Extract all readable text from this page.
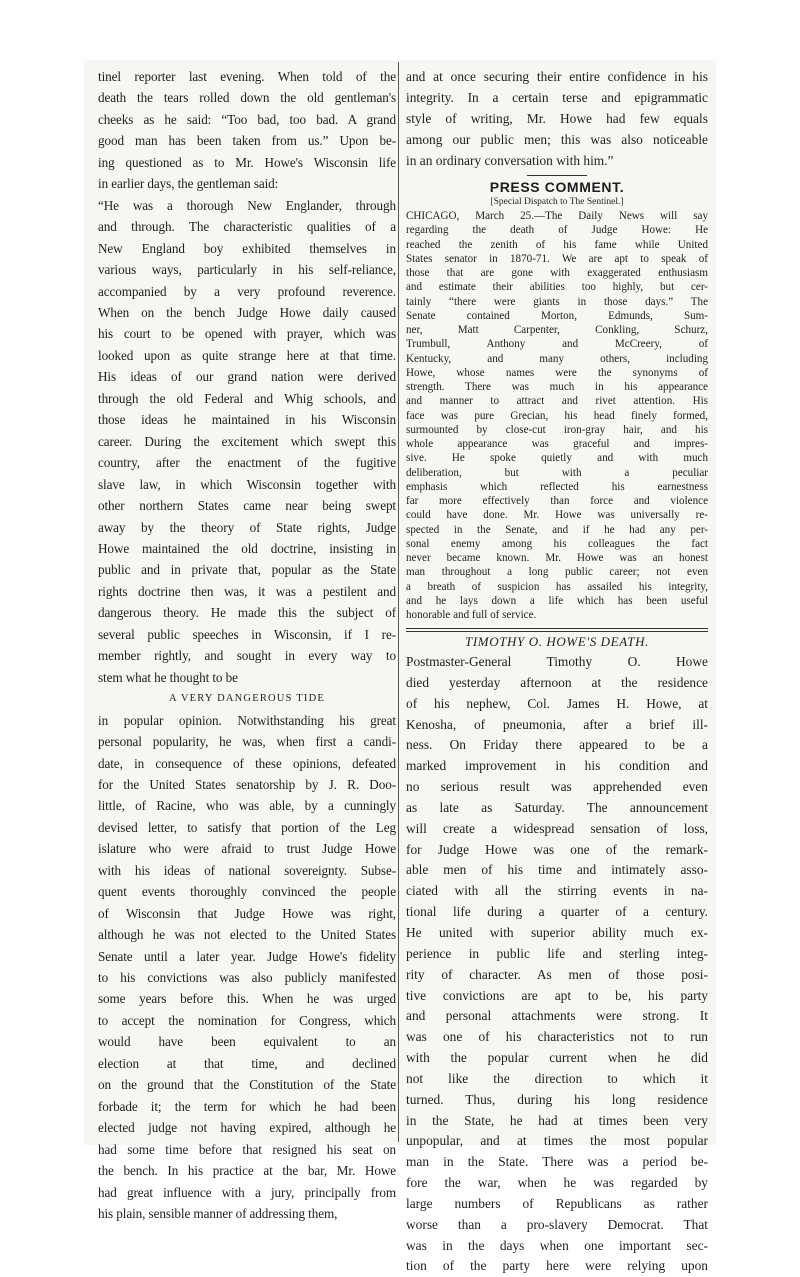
tinel reporter last evening. When told of the
death the tears rolled down the old gentleman's
cheeks as he said: “Too bad, too bad. A grand
good man has been taken from us.” Upon be-
ing questioned as to Mr. Howe's Wisconsin life
in earlier days, the gentleman said:
“He was a thorough New Englander, through
and through. The characteristic qualities of a
New England boy exhibited themselves in
various ways, particularly in his self-reliance,
accompanied by a very profound reverence.
When on the bench Judge Howe daily caused
his court to be opened with prayer, which was
looked upon as quite strange here at that time.
His ideas of our grand nation were derived
through the old Federal and Whig schools, and
those ideas he maintained in his Wisconsin
career. During the excitement which swept this
country, after the enactment of the fugitive
slave law, in which Wisconsin together with
other northern States came near being swept
away by the theory of State rights, Judge
Howe maintained the old doctrine, insisting in
public and in private that, popular as the State
rights doctrine then was, it was a pestilent and
dangerous theory. He made this the subject of
several public speeches in Wisconsin, if I re-
member rightly, and sought in every way to
stem what he thought to be
A VERY DANGEROUS TIDE
in popular opinion. Notwithstanding his great
personal popularity, he was, when first a candi-
date, in consequence of these opinions, defeated
for the United States senatorship by J. R. Doo-
little, of Racine, who was able, by a cunningly
devised letter, to satisfy that portion of the Leg
islature who were afraid to trust Judge Howe
with his ideas of national sovereignty. Subse-
quent events thoroughly convinced the people
of Wisconsin that Judge Howe was right,
although he was not elected to the United States
Senate until a later year. Judge Howe's fidelity
to his convictions was also publicly manifested
some years before this. When he was urged
to accept the nomination for Congress, which
would have been equivalent to an
election at that time, and declined
on the ground that the Constitution of the State
forbade it; the term for which he had been
elected judge not having expired, although he
had some time before that resigned his seat on
the bench. In his practice at the bar, Mr. Howe
had great influence with a jury, principally from
his plain, sensible manner of addressing them,
and at once securing their entire confidence in his
integrity. In a certain terse and epigrammatic
style of writing, Mr. Howe had few equals
among our public men; this was also noticeable
in an ordinary conversation with him.”
PRESS COMMENT.
[Special Dispatch to The Sentinel.]
CHICAGO, March 25.—The Daily News will say
regarding the death of Judge Howe: He
reached the zenith of his fame while United
States senator in 1870-71. We are apt to speak of
those that are gone with exaggerated enthusiasm
and estimate their abilities too highly, but cer-
tainly “there were giants in those days.” The
Senate contained Morton, Edmunds, Sum-
ner, Matt Carpenter, Conkling, Schurz,
Trumbull, Anthony and McCreery, of
Kentucky, and many others, including
Howe, whose names were the synonyms of
strength. There was much in his appearance
and manner to attract and rivet attention. His
face was pure Grecian, his head finely formed,
surmounted by close-cut iron-gray hair, and his
whole appearance was graceful and impres-
sive. He spoke quietly and with much
deliberation, but with a peculiar
emphasis which reflected his earnestness
far more effectively than force and violence
could have done. Mr. Howe was universally re-
spected in the Senate, and if he had any per-
sonal enemy among his colleagues the fact
never became known. Mr. Howe was an honest
man throughout a long public career; not even
a breath of suspicion has assailed his integrity,
and he lays down a life which has been useful
honorable and full of service.
TIMOTHY O. HOWE'S DEATH.
Postmaster-General Timothy O. Howe
died yesterday afternoon at the residence
of his nephew, Col. James H. Howe, at
Kenosha, of pneumonia, after a brief ill-
ness. On Friday there appeared to be a
marked improvement in his condition and
no serious result was apprehended even
as late as Saturday. The announcement
will create a widespread sensation of loss,
for Judge Howe was one of the remark-
able men of his time and intimately asso-
ciated with all the stirring events in na-
tional life during a quarter of a century.
He united with superior ability much ex-
perience in public life and sterling integ-
rity of character. As men of those posi-
tive convictions are apt to be, his party
and personal attachments were strong. It
was one of his characteristics not to run
with the popular current when he did
not like the direction to which it
turned. Thus, during his long residence
in the State, he had at times been very
unpopular, and at times the most popular
man in the State. There was a period be-
fore the war, when he was regarded by
large numbers of Republicans as rather
worse than a pro-slavery Democrat. That
was in the days when one important sec-
tion of the party here were relying upon
